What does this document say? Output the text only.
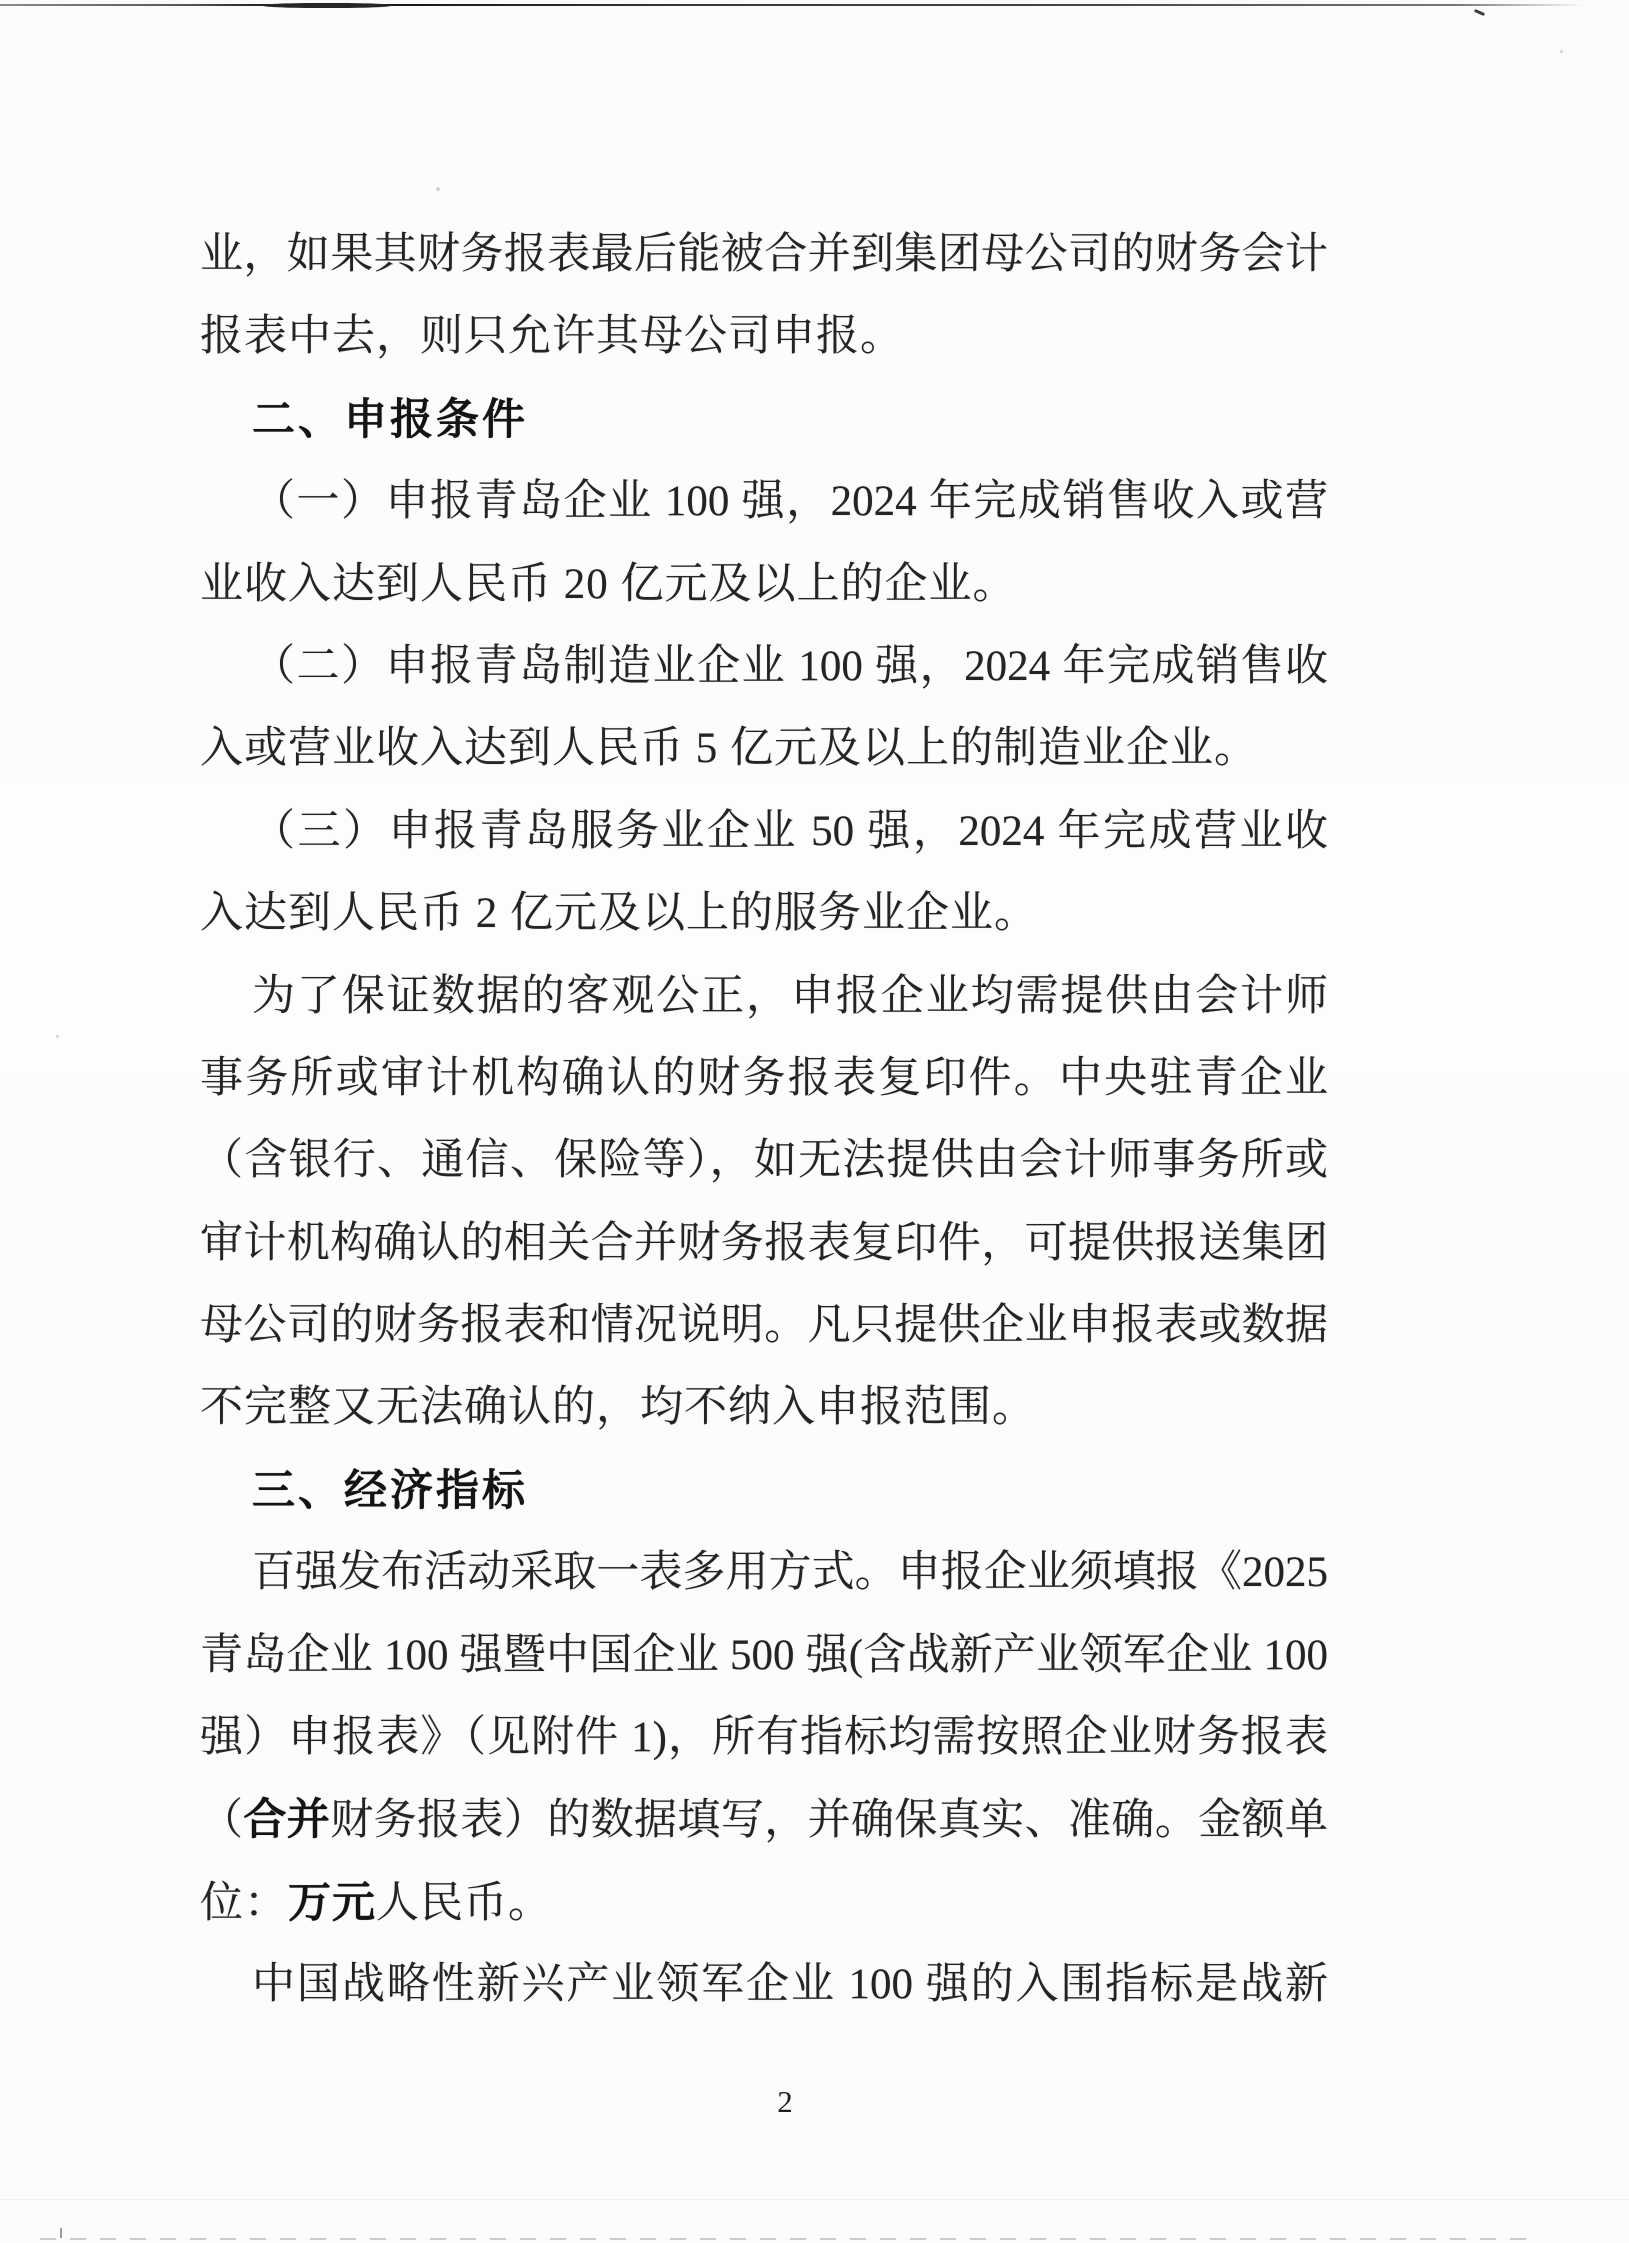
业，如果其财务报表最后能被合并到集团母公司的财务会计
报表中去，则只允许其母公司申报。
二、申报条件
（一）申报青岛企业 100 强，2024 年完成销售收入或营
业收入达到人民币 20 亿元及以上的企业。
（二）申报青岛制造业企业 100 强，2024 年完成销售收
入或营业收入达到人民币 5 亿元及以上的制造业企业。
（三）申报青岛服务业企业 50 强，2024 年完成营业收
入达到人民币 2 亿元及以上的服务业企业。
为了保证数据的客观公正，申报企业均需提供由会计师
事务所或审计机构确认的财务报表复印件。中央驻青企业
（含银行、通信、保险等），如无法提供由会计师事务所或
审计机构确认的相关合并财务报表复印件，可提供报送集团
母公司的财务报表和情况说明。凡只提供企业申报表或数据
不完整又无法确认的，均不纳入申报范围。
三、经济指标
百强发布活动采取一表多用方式。申报企业须填报《2025
青岛企业 100 强暨中国企业 500 强(含战新产业领军企业 100
强）申报表》（见附件 1)，所有指标均需按照企业财务报表
（合并财务报表）的数据填写，并确保真实、准确。金额单
位：万元人民币。
中国战略性新兴产业领军企业 100 强的入围指标是战新
2
